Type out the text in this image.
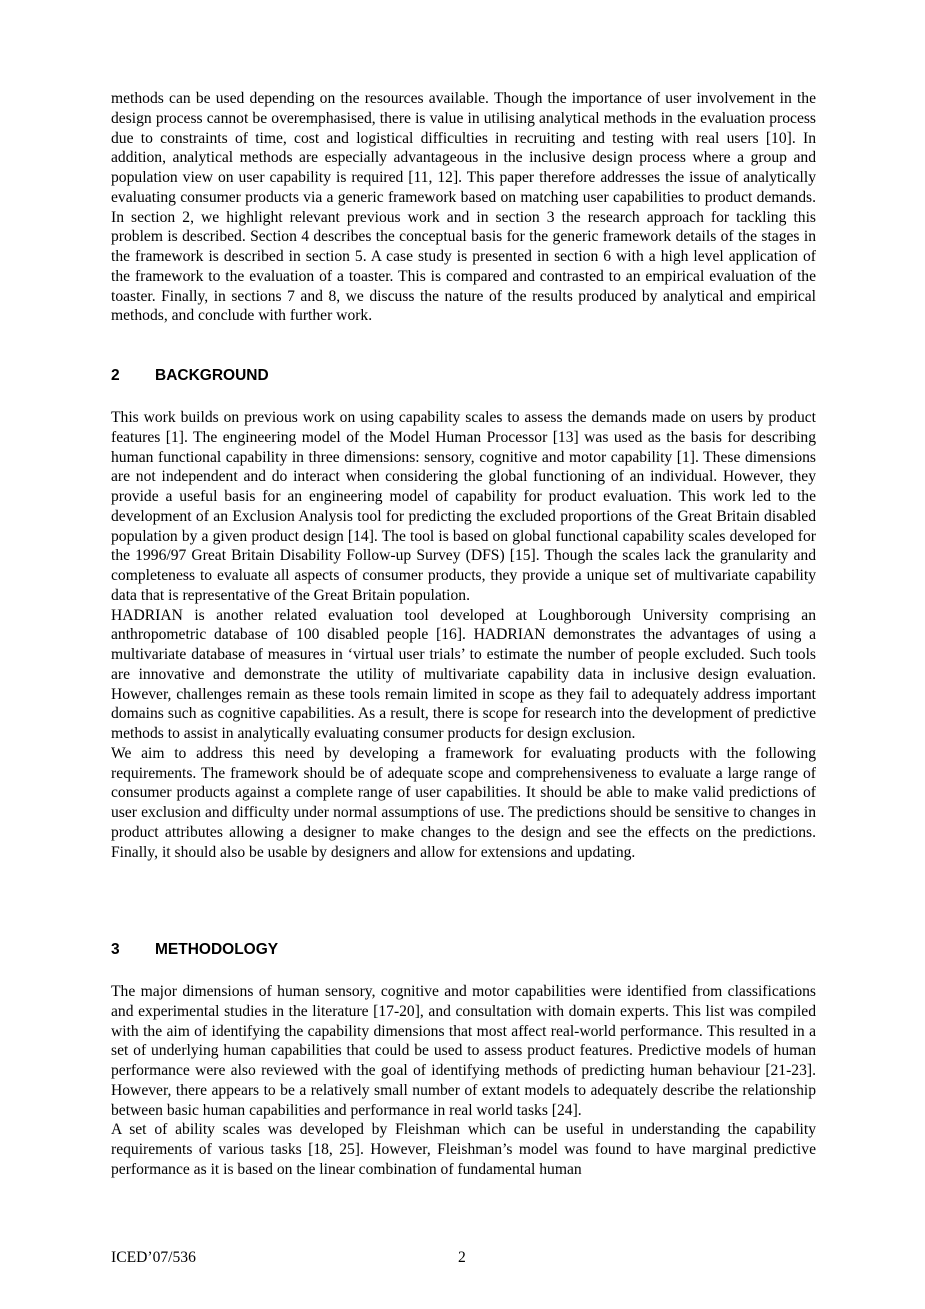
methods can be used depending on the resources available. Though the importance of user involvement in the design process cannot be overemphasised, there is value in utilising analytical methods in the evaluation process due to constraints of time, cost and logistical difficulties in recruiting and testing with real users [10]. In addition, analytical methods are especially advantageous in the inclusive design process where a group and population view on user capability is required [11, 12]. This paper therefore addresses the issue of analytically evaluating consumer products via a generic framework based on matching user capabilities to product demands. In section 2, we highlight relevant previous work and in section 3 the research approach for tackling this problem is described. Section 4 describes the conceptual basis for the generic framework details of the stages in the framework is described in section 5. A case study is presented in section 6 with a high level application of the framework to the evaluation of a toaster. This is compared and contrasted to an empirical evaluation of the toaster. Finally, in sections 7 and 8, we discuss the nature of the results produced by analytical and empirical methods, and conclude with further work.

2 BACKGROUND

This work builds on previous work on using capability scales to assess the demands made on users by product features [1]. The engineering model of the Model Human Processor [13] was used as the basis for describing human functional capability in three dimensions: sensory, cognitive and motor capability [1]. These dimensions are not independent and do interact when considering the global functioning of an individual. However, they provide a useful basis for an engineering model of capability for product evaluation. This work led to the development of an Exclusion Analysis tool for predicting the excluded proportions of the Great Britain disabled population by a given product design [14]. The tool is based on global functional capability scales developed for the 1996/97 Great Britain Disability Follow-up Survey (DFS) [15]. Though the scales lack the granularity and completeness to evaluate all aspects of consumer products, they provide a unique set of multivariate capability data that is representative of the Great Britain population.

HADRIAN is another related evaluation tool developed at Loughborough University comprising an anthropometric database of 100 disabled people [16]. HADRIAN demonstrates the advantages of using a multivariate database of measures in ‘virtual user trials’ to estimate the number of people excluded. Such tools are innovative and demonstrate the utility of multivariate capability data in inclusive design evaluation. However, challenges remain as these tools remain limited in scope as they fail to adequately address important domains such as cognitive capabilities. As a result, there is scope for research into the development of predictive methods to assist in analytically evaluating consumer products for design exclusion.

We aim to address this need by developing a framework for evaluating products with the following requirements. The framework should be of adequate scope and comprehensiveness to evaluate a large range of consumer products against a complete range of user capabilities. It should be able to make valid predictions of user exclusion and difficulty under normal assumptions of use. The predictions should be sensitive to changes in product attributes allowing a designer to make changes to the design and see the effects on the predictions. Finally, it should also be usable by designers and allow for extensions and updating.

3 METHODOLOGY

The major dimensions of human sensory, cognitive and motor capabilities were identified from classifications and experimental studies in the literature [17-20], and consultation with domain experts. This list was compiled with the aim of identifying the capability dimensions that most affect real-world performance. This resulted in a set of underlying human capabilities that could be used to assess product features. Predictive models of human performance were also reviewed with the goal of identifying methods of predicting human behaviour [21-23]. However, there appears to be a relatively small number of extant models to adequately describe the relationship between basic human capabilities and performance in real world tasks [24].

A set of ability scales was developed by Fleishman which can be useful in understanding the capability requirements of various tasks [18, 25]. However, Fleishman’s model was found to have marginal predictive performance as it is based on the linear combination of fundamental human

ICED’07/536	2
